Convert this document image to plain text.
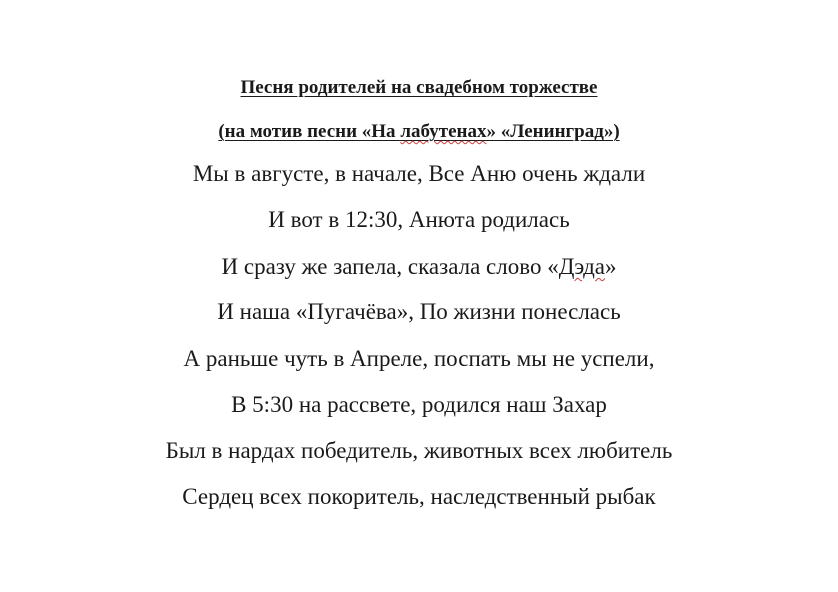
Песня родителей на свадебном торжестве
(на мотив песни «На лабутенах» «Ленинград»)
Мы в августе, в начале, Все Аню очень ждали
И вот в 12:30, Анюта родилась
И сразу же запела, сказала слово «Дэда»
И наша «Пугачёва», По жизни понеслась
А раньше чуть в Апреле, поспать мы не успели,
В 5:30 на рассвете, родился наш Захар
Был в нардах победитель, животных всех любитель
Сердец всех покоритель, наследственный рыбак
